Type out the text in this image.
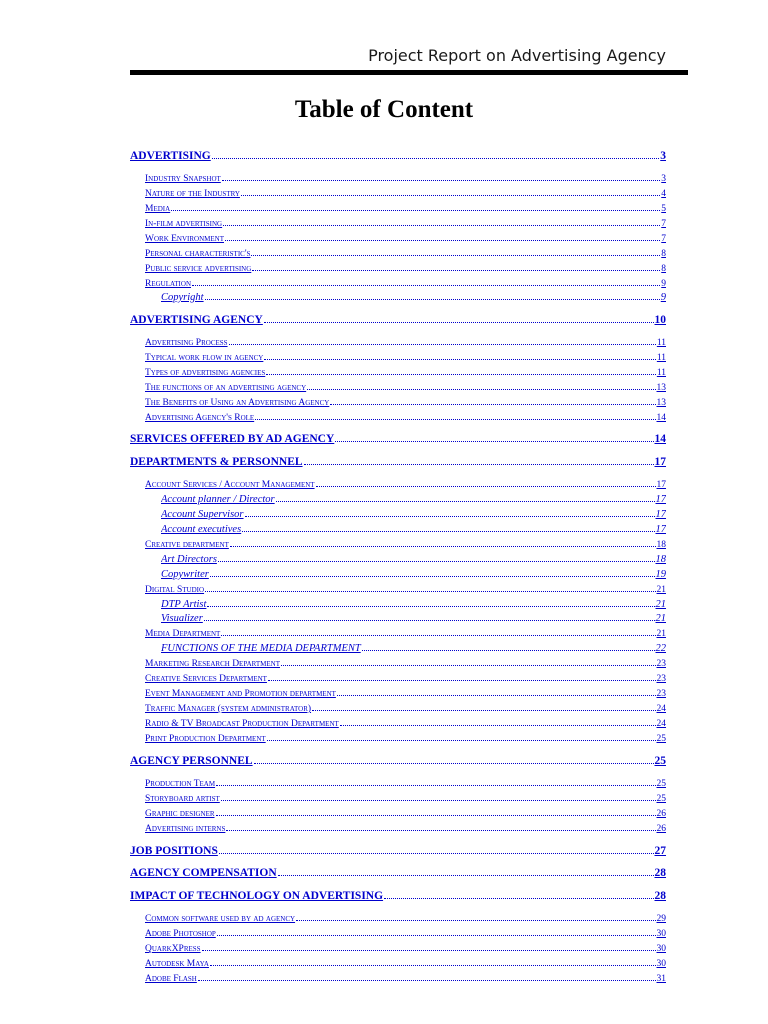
Project Report on Advertising Agency
Table of Content
ADVERTISING	3
Industry Snapshot	3
Nature of the Industry	4
Media	5
In-film advertising	7
Work Environment	7
Personal characteristic's	8
Public service advertising	8
Regulation	9
Copyright	9
ADVERTISING AGENCY	10
Advertising Process	11
Typical work flow in agency	11
Types of advertising agencies	11
The functions of an advertising agency	13
The Benefits of Using an Advertising Agency	13
Advertising Agency's Role	14
SERVICES OFFERED BY AD AGENCY	14
DEPARTMENTS & PERSONNEL	17
Account Services / Account Management	17
Account planner / Director	17
Account Supervisor	17
Account executives	17
Creative department	18
Art Directors	18
Copywriter	19
Digital Studio	21
DTP Artist	21
Visualizer	21
Media Department	21
FUNCTIONS OF THE MEDIA DEPARTMENT	22
Marketing Research Department	23
Creative Services Department	23
Event Management and Promotion department	23
Traffic Manager (system administrator)	24
Radio & TV Broadcast Production Department	24
Print Production Department	25
AGENCY PERSONNEL	25
Production Team	25
Storyboard artist	25
Graphic designer	26
Advertising interns	26
JOB POSITIONS	27
AGENCY COMPENSATION	28
IMPACT OF TECHNOLOGY ON ADVERTISING	28
Common software used by ad agency	29
Adobe Photoshop	30
QuarkXPress	30
Autodesk Maya	30
Adobe Flash	31
